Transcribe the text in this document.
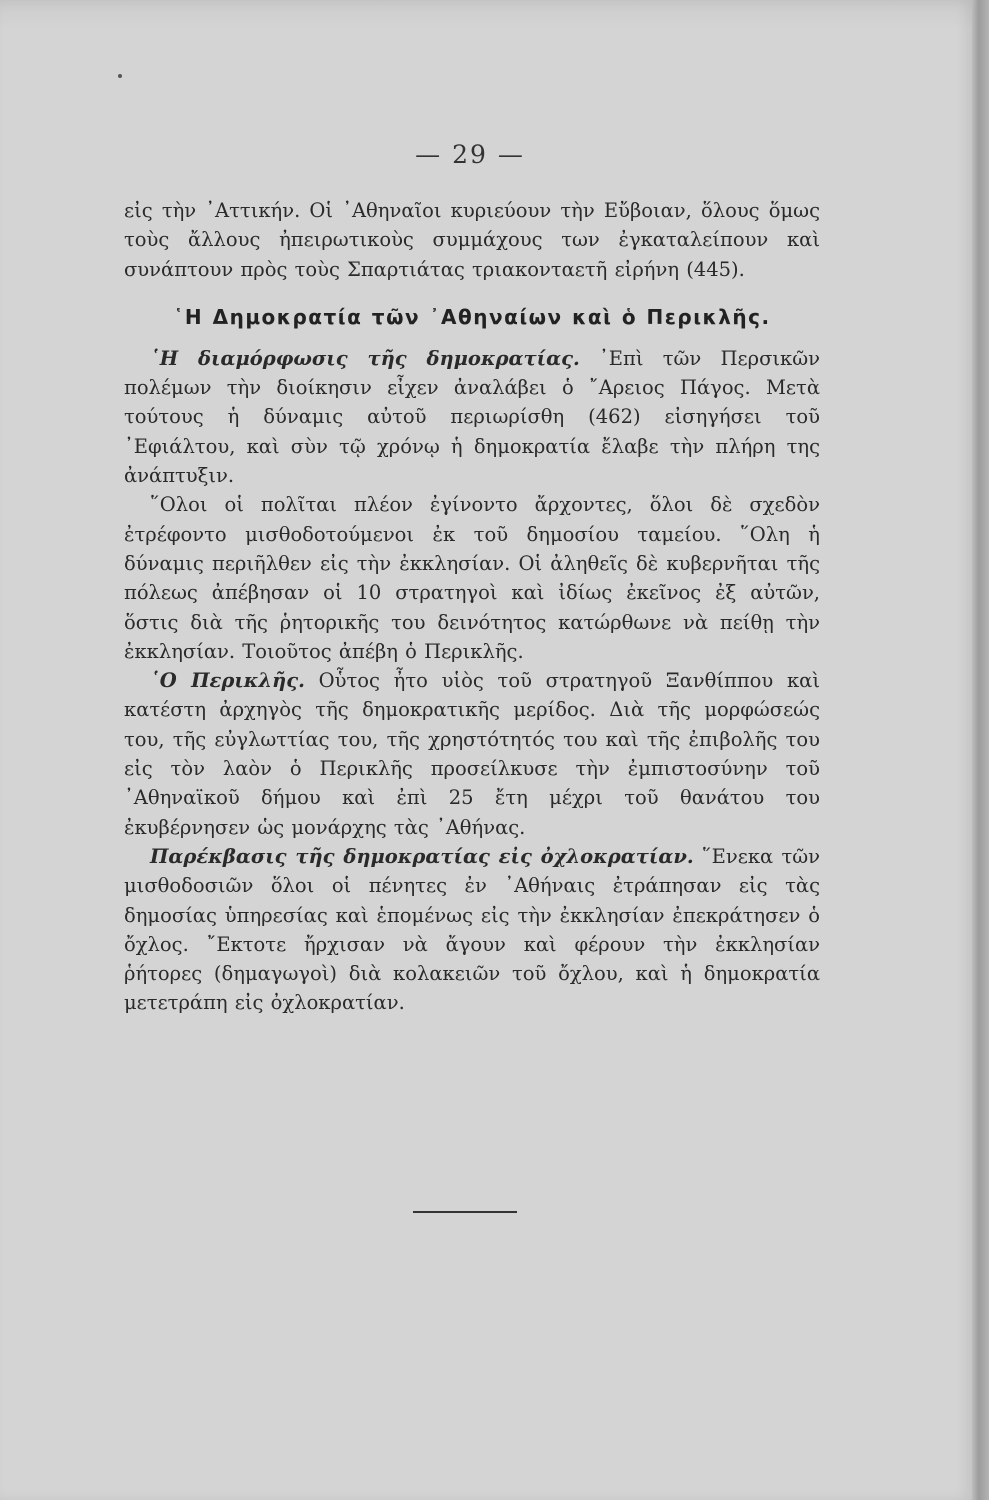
— 29 —

εἰς τὴν ᾿Αττικήν. Οἱ ᾿Αθηναῖοι κυριεύουν τὴν Εὔβοιαν, ὅλους ὅμως τοὺς ἄλλους ἠπειρωτικοὺς συμμάχους των ἐγκαταλείπουν καὶ συνάπτουν πρὸς τοὺς Σπαρτιάτας τριακονταετῆ εἰρήνη (445).

῾Η Δημοκρατία τῶν ᾿Αθηναίων καὶ ὁ Περικλῆς.

῾Η διαμόρφωσις τῆς δημοκρατίας. ᾿Επὶ τῶν Περσικῶν πολέμων τὴν διοίκησιν εἶχεν ἀναλάβει ὁ ῎Αρειος Πάγος. Μετὰ τούτους ἡ δύναμις αὐτοῦ περιωρίσθη (462) εἰσηγήσει τοῦ ᾿Εφιάλτου, καὶ σὺν τῷ χρόνῳ ἡ δημοκρατία ἔλαβε τὴν πλήρη της ἀνάπτυξιν.

῞Ολοι οἱ πολῖται πλέον ἐγίνοντο ἄρχοντες, ὅλοι δὲ σχεδὸν ἐτρέφοντο μισθοδοτούμενοι ἐκ τοῦ δημοσίου ταμείου. ῞Ολη ἡ δύναμις περιῆλθεν εἰς τὴν ἐκκλησίαν. Οἱ ἀληθεῖς δὲ κυβερνῆται τῆς πόλεως ἀπέβησαν οἱ 10 στρατηγοὶ καὶ ἰδίως ἐκεῖνος ἐξ αὐτῶν, ὅστις διὰ τῆς ῥητορικῆς του δεινότητος κατώρθωνε νὰ πείθῃ τὴν ἐκκλησίαν. Τοιοῦτος ἀπέβη ὁ Περικλῆς.

῾Ο Περικλῆς. Οὗτος ἦτο υἱὸς τοῦ στρατηγοῦ Ξανθίππου καὶ κατέστη ἀρχηγὸς τῆς δημοκρατικῆς μερίδος. Διὰ τῆς μορφώσεώς του, τῆς εὐγλωττίας του, τῆς χρηστότητός του καὶ τῆς ἐπιβολῆς του εἰς τὸν λαὸν ὁ Περικλῆς προσείλκυσε τὴν ἐμπιστοσύνην τοῦ ᾿Αθηναϊκοῦ δήμου καὶ ἐπὶ 25 ἔτη μέχρι τοῦ θανάτου του ἐκυβέρνησεν ὡς μονάρχης τὰς ᾿Αθήνας.

Παρέκβασις τῆς δημοκρατίας εἰς ὀχλοκρατίαν. ῞Ενεκα τῶν μισθοδοσιῶν ὅλοι οἱ πένητες ἐν ᾿Αθήναις ἐτράπησαν εἰς τὰς δημοσίας ὑπηρεσίας καὶ ἑπομένως εἰς τὴν ἐκκλησίαν ἐπεκράτησεν ὁ ὄχλος. ῎Εκτοτε ἤρχισαν νὰ ἄγουν καὶ φέρουν τὴν ἐκκλησίαν ῥήτορες (δημαγωγοὶ) διὰ κολακειῶν τοῦ ὄχλου, καὶ ἡ δημοκρατία μετετράπη εἰς ὀχλοκρατίαν.
